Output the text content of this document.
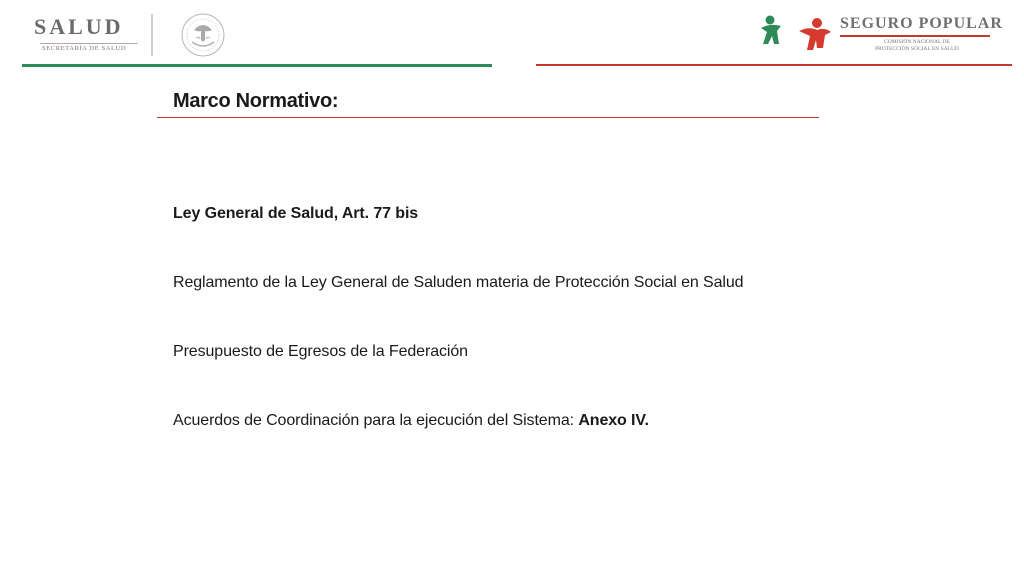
SALUD
SECRETARÍA DE SALUD
SEGURO POPULAR
COMISIÓN NACIONAL DE
PROTECCIÓN SOCIAL EN SALUD
Marco Normativo:
Ley General de Salud, Art. 77 bis
Reglamento de la Ley General de Saluden materia de Protección Social en Salud
Presupuesto de Egresos de la Federación
Acuerdos de Coordinación para la ejecución del Sistema: Anexo IV.
